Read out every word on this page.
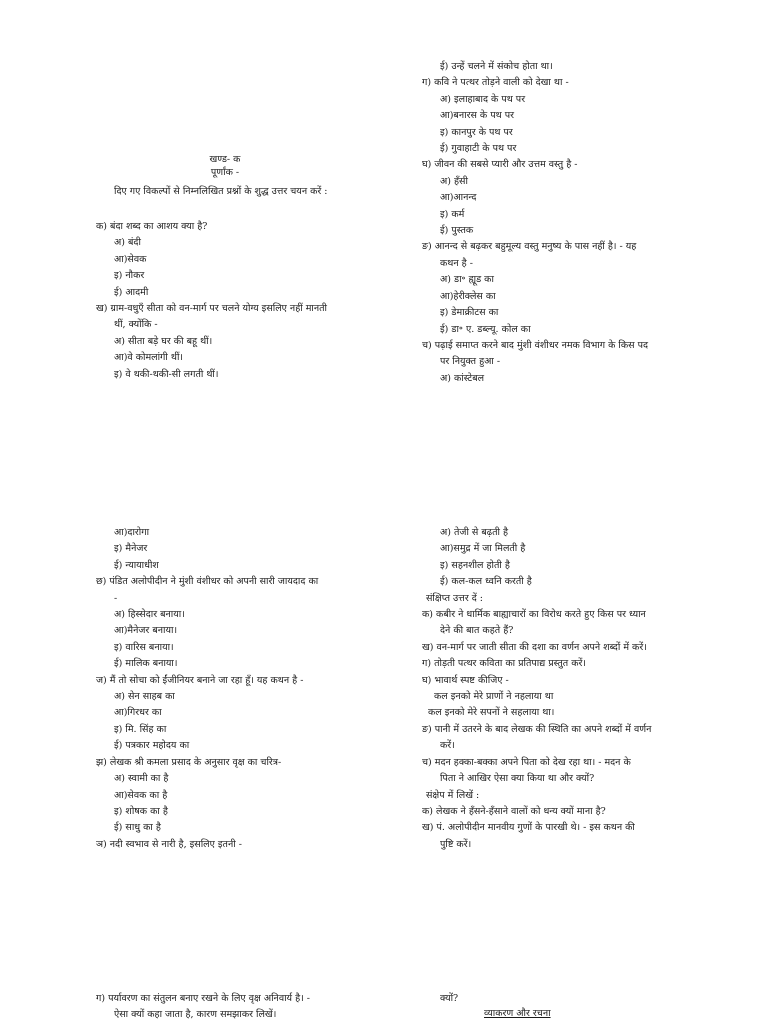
ई) उन्हें चलने में संकोच होता था।
ग) कवि ने पत्थर तोड़ने वाली को देखा था -
अ) इलाहाबाद के पथ पर
आ)बनारस के पथ पर
इ) कानपुर के पथ पर
ई) गुवाहाटी के पथ पर
घ) जीवन की सबसे प्यारी और उत्तम वस्तु है -
अ) हँसी
आ)आनन्द
इ) कर्म
ई) पुस्तक
ङ) आनन्द से बढ़कर बहुमूल्य वस्तु मनुष्य के पास नहीं है। - यह
कथन है -
अ) डा॰ ह्यूड का
आ)हेरीक्लेस का
इ) डेमाक्रीटस का
ई) डा॰ ए. डब्ल्यू. कोल का
च) पढ़ाई समाप्त करने बाद मुंशी वंशीधर नमक विभाग के किस पद
पर नियुक्त हुआ -
अ) कांस्टेबल
खण्ड- क
पूर्णांक -
दिए गए विकल्पों से निम्नलिखित प्रश्नों के शुद्ध उत्तर चयन करें :
क) बंदा शब्द का आशय क्या है?
अ) बंदी
आ)सेवक
इ) नौकर
ई) आदमी
ख) ग्राम-वधुएँ सीता को वन-मार्ग पर चलने योग्य इसलिए नहीं मानती
थीं, क्योंकि -
अ) सीता बड़े घर की बहू थीं।
आ)वे कोमलांगी थीं।
इ) वे थकी-थकी-सी लगती थीं।
आ)दारोगा
इ) मैनेजर
ई) न्यायाधीश
छ) पंडित अलोपीदीन ने मुंशी वंशीधर को अपनी सारी जायदाद का
-
अ) हिस्सेदार बनाया।
आ)मैनेजर बनाया।
इ) वारिस बनाया।
ई) मालिक बनाया।
ज) मैं तो सोचा को ईंजीनियर बनाने जा रहा हूँ। यह कथन है -
अ) सेन साहब का
आ)गिरधर का
इ) मि. सिंह का
ई) पत्रकार महोदय का
झ) लेखक श्री कमला प्रसाद के अनुसार वृक्ष का चरित्र-
अ) स्वामी का है
आ)सेवक का है
इ) शोषक का है
ई) साधु का है
ञ) नदी स्वभाव से नारी है, इसलिए इतनी -
अ) तेजी से बढ़ती है
आ)समुद्र में जा मिलती है
इ) सहनशील होती है
ई) कल-कल ध्वनि करती है
संक्षिप्त उत्तर दें :
क) कबीर ने धार्मिक बाह्याचारों का विरोध करते हुए किस पर ध्यान
देने की बात कहते हैं?
ख) वन-मार्ग पर जाती सीता की दशा का वर्णन अपने शब्दों में करें।
ग) तोड़ती पत्थर कविता का प्रतिपाद्य प्रस्तुत करें।
घ) भावार्थ स्पष्ट कीजिए -
कल इनको मेरे प्राणों ने नहलाया था
कल इनको मेरे सपनों ने सहलाया था।
ङ) पानी में उतरने के बाद लेखक की स्थिति का अपने शब्दों में वर्णन
करें।
च) मदन हक्का-बक्का अपने पिता को देख रहा था। - मदन के
पिता ने आखिर ऐसा क्या किया था और क्यों?
संक्षेप में लिखें :
क) लेखक ने हँसने-हँसाने वालों को धन्य क्यों माना है?
ख) पं. अलोपीदीन मानवीय गुणों के पारखी थे। - इस कथन की
पुष्टि करें।
ग) पर्यावरण का संतुलन बनाए रखने के लिए वृक्ष अनिवार्य है। -
ऐसा क्यों कहा जाता है, कारण समझाकर लिखें।
क्यों?
व्याकरण और रचना
